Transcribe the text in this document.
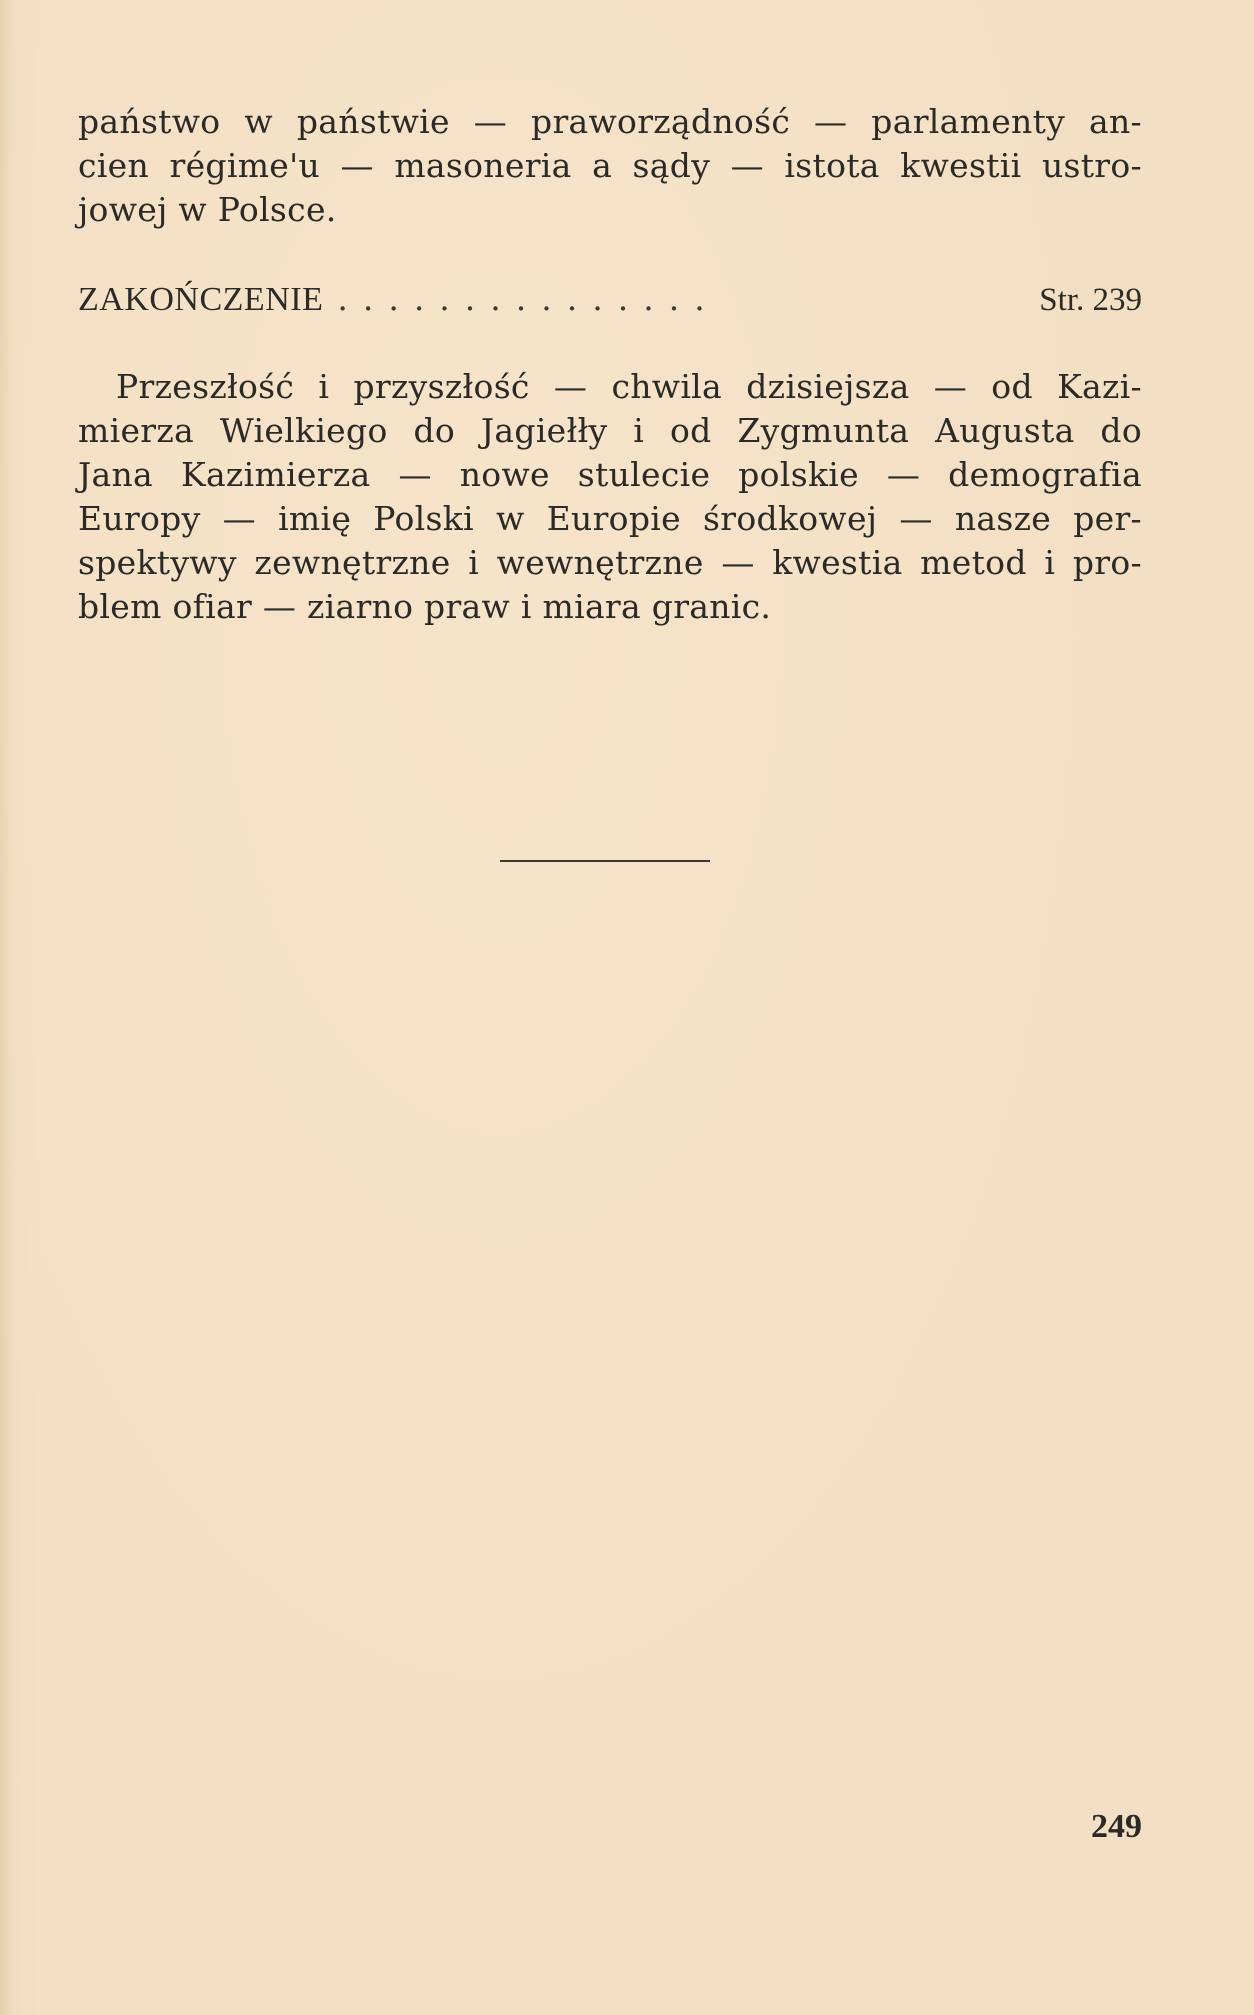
państwo w państwie — praworządność — parlamenty an-
cien régime'u — masoneria a sądy — istota kwestii ustro-
jowej w Polsce.
ZAKOŃCZENIE ...............	Str. 239
Przeszłość i przyszłość — chwila dzisiejsza — od Kazi-
mierza Wielkiego do Jagiełły i od Zygmunta Augusta do
Jana Kazimierza — nowe stulecie polskie — demografia
Europy — imię Polski w Europie środkowej — nasze per-
spektywy zewnętrzne i wewnętrzne — kwestia metod i pro-
blem ofiar — ziarno praw i miara granic.
249
